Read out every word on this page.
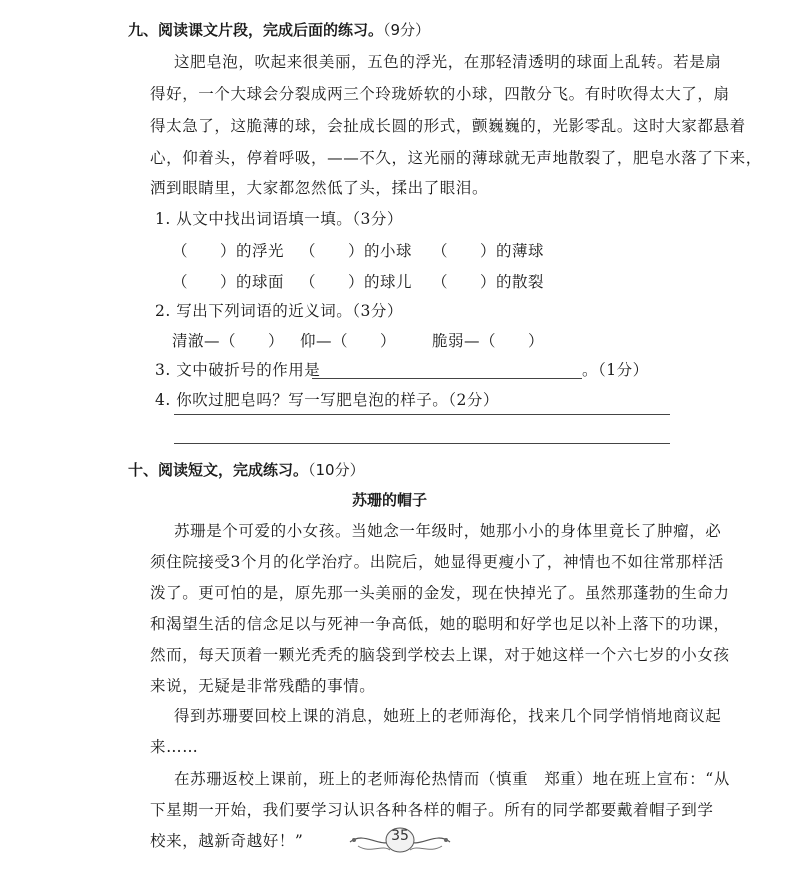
九、阅读课文片段，完成后面的练习。（9分）

这肥皂泡，吹起来很美丽，五色的浮光，在那轻清透明的球面上乱转。若是扇

得好，一个大球会分裂成两三个玲珑娇软的小球，四散分飞。有时吹得太大了，扇

得太急了，这脆薄的球，会扯成长圆的形式，颤巍巍的，光影零乱。这时大家都悬着

心，仰着头，停着呼吸，——不久，这光丽的薄球就无声地散裂了，肥皂水落了下来，

洒到眼睛里，大家都忽然低了头，揉出了眼泪。

1. 从文中找出词语填一填。（3分）

（　　）的浮光 （　　）的小球 （　　）的薄球

（　　）的球面 （　　）的球儿 （　　）的散裂

2. 写出下列词语的近义词。（3分）

清澈—（　　） 仰—（　　） 脆弱—（　　）

3. 文中破折号的作用是	。（1分）

4. 你吹过肥皂吗？写一写肥皂泡的样子。（2分）

十、阅读短文，完成练习。（10分）

苏珊的帽子

苏珊是个可爱的小女孩。当她念一年级时，她那小小的身体里竟长了肿瘤，必

须住院接受3个月的化学治疗。出院后，她显得更瘦小了，神情也不如往常那样活

泼了。更可怕的是，原先那一头美丽的金发，现在快掉光了。虽然那蓬勃的生命力

和渴望生活的信念足以与死神一争高低，她的聪明和好学也足以补上落下的功课，

然而，每天顶着一颗光秃秃的脑袋到学校去上课，对于她这样一个六七岁的小女孩

来说，无疑是非常残酷的事情。

得到苏珊要回校上课的消息，她班上的老师海伦，找来几个同学悄悄地商议起

来……

在苏珊返校上课前，班上的老师海伦热情而（慎重　郑重）地在班上宣布：“从

下星期一开始，我们要学习认识各种各样的帽子。所有的同学都要戴着帽子到学

校来，越新奇越好！”	35
